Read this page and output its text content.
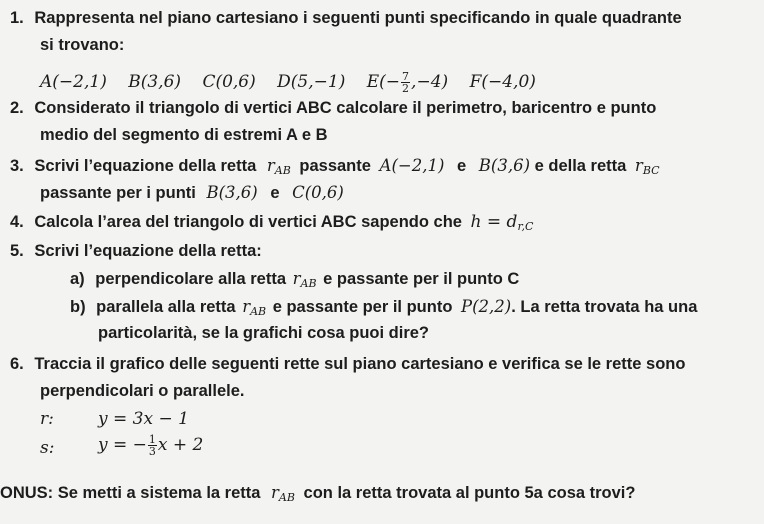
1. Rappresenta nel piano cartesiano i seguenti punti specificando in quale quadrante
si trovano:
A(−2,1) B(3,6) C(0,6) D(5,−1) $E(- \frac{7}{2} ,-4)$ F(−4,0)
2. Considerato il triangolo di vertici ABC calcolare il perimetro, baricentro e punto
medio del segmento di estremi A e B
3. Scrivi l’equazione della retta $r_{AB}$ passante A(−2,1) e B(3,6) e della retta $r_{BC}$
passante per i punti B(3,6) e C(0,6)
4. Calcola l’area del triangolo di vertici ABC sapendo che $h = d_{r,C}$
5. Scrivi l’equazione della retta:
a) perpendicolare alla retta $r_{AB}$ e passante per il punto C
b) parallela alla retta $r_{AB}$ e passante per il punto P(2,2). La retta trovata ha una
particolarità, se la grafichi cosa puoi dire?
6. Traccia il grafico delle seguenti rette sul piano cartesiano e verifica se le rette sono
perpendicolari o parallele.
r:	y = 3x − 1
s:	y = − $\frac{1}{3}$ x + 2
ONUS: Se metti a sistema la retta $r_{AB}$ con la retta trovata al punto 5a cosa trovi?
